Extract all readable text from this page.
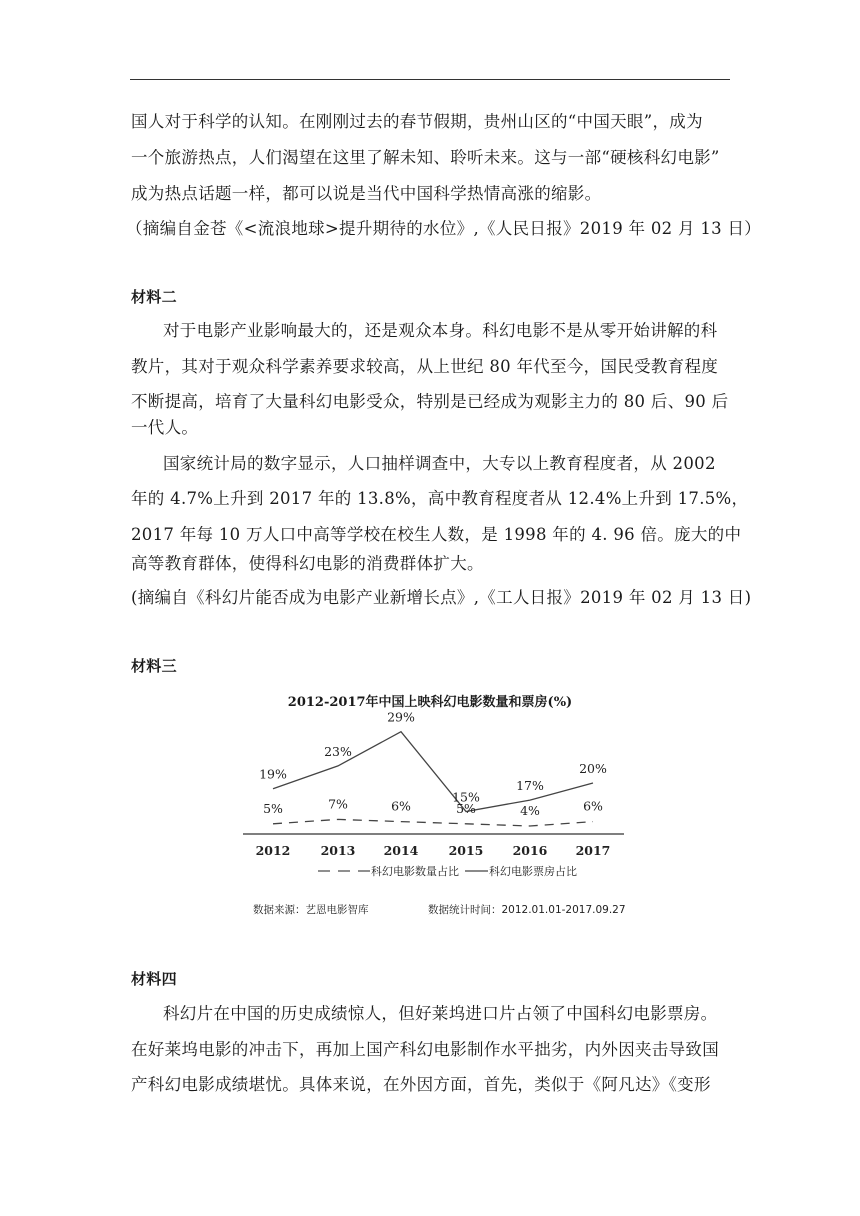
国人对于科学的认知。在刚刚过去的春节假期，贵州山区的“中国天眼”，成为
一个旅游热点，人们渴望在这里了解未知、聆听未来。这与一部“硬核科幻电影”
成为热点话题一样，都可以说是当代中国科学热情高涨的缩影。
（摘编自金苍《<流浪地球>提升期待的水位》,《人民日报》2019 年 02 月 13 日）
材料二
对于电影产业影响最大的，还是观众本身。科幻电影不是从零开始讲解的科
教片，其对于观众科学素养要求较高，从上世纪 80 年代至今，国民受教育程度
不断提高，培育了大量科幻电影受众，特别是已经成为观影主力的 80 后、90 后
一代人。
国家统计局的数字显示，人口抽样调查中，大专以上教育程度者，从 2002
年的 4.7%上升到 2017 年的 13.8%，高中教育程度者从 12.4%上升到 17.5%，
2017 年每 10 万人口中高等学校在校生人数，是 1998 年的 4. 96 倍。庞大的中
高等教育群体，使得科幻电影的消费群体扩大。
(摘编自《科幻片能否成为电影产业新增长点》,《工人日报》2019 年 02 月 13 日)
材料三
2012-2017年中国上映科幻电影数量和票房(%)
19%
23%
29%
15%
17%
20%
5%	7%	6%	5%	4%	6%
2012 2013 2014 2015 2016 2017
科幻电影数量占比	科幻电影票房占比
数据来源：艺恩电影智库	数据统计时间：2012.01.01-2017.09.27
材料四
科幻片在中国的历史成绩惊人，但好莱坞进口片占领了中国科幻电影票房。
在好莱坞电影的冲击下，再加上国产科幻电影制作水平拙劣，内外因夹击导致国
产科幻电影成绩堪忧。具体来说，在外因方面，首先，类似于《阿凡达》《变形
